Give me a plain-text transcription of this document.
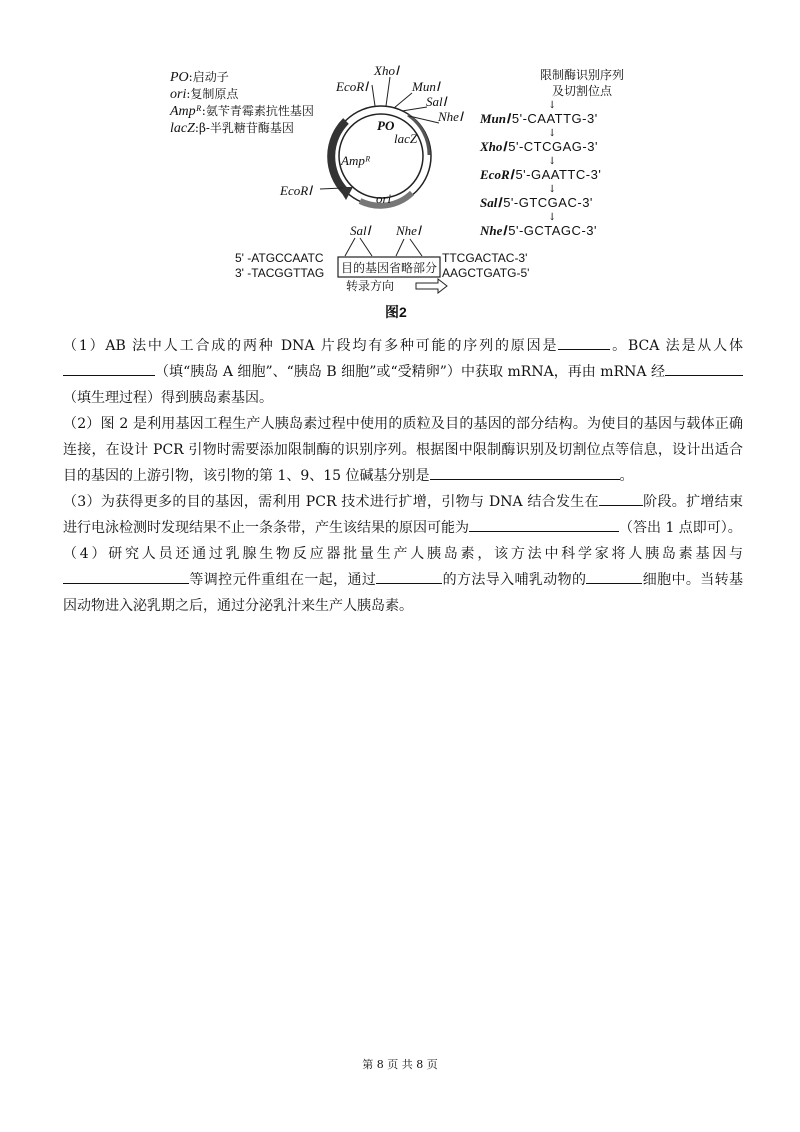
EcoRⅠ
XhoⅠ
MunⅠ
SalⅠ
NheⅠ
PO
lacZ
Ampᴿ
EcoRⅠ
ori
PO:启动子
ori:复制原点
Ampᴿ:氨苄青霉素抗性基因
lacZ:β-半乳糖苷酶基因
限制酶识别序列
及切割位点
MunⅠ 5'-CAATTG-3'
↓
XhoⅠ 5'-CTCGAG-3'
↓
EcoRⅠ 5'-GAATTC-3'
↓
SalⅠ 5'-GTCGAC-3'
↓
NheⅠ 5'-GCTAGC-3'
↓
SalⅠ NheⅠ
5' -ATGCCAATC
3' -TACGGTTAG 目的基因省略部分
TTCGACTAC-3'
AAGCTGATG-5'
转录方向
图2

（1）AB 法中人工合成的两种 DNA 片段均有多种可能的序列的原因是	。BCA 法是从人体（填“胰岛 A 细胞”、“胰岛 B 细胞”或“受精卵”）中获取 mRNA，再由 mRNA 经（填生理过程）得到胰岛素基因。

（2）图 2 是利用基因工程生产人胰岛素过程中使用的质粒及目的基因的部分结构。为使目的基因与载体正确连接，在设计 PCR 引物时需要添加限制酶的识别序列。根据图中限制酶识别及切割位点等信息，设计出适合目的基因的上游引物，该引物的第 1、9、15 位碱基分别是	。

（3）为获得更多的目的基因，需利用 PCR 技术进行扩增，引物与 DNA 结合发生在	阶段。扩增结束进行电泳检测时发现结果不止一条条带，产生该结果的原因可能为	（答出 1 点即可）。

（4）研究人员还通过乳腺生物反应器批量生产人胰岛素，该方法中科学家将人胰岛素基因与等调控元件重组在一起，通过	的方法导入哺乳动物的	细胞中。当转基因动物进入泌乳期之后，通过分泌乳汁来生产人胰岛素。

第 8 页 共 8 页
